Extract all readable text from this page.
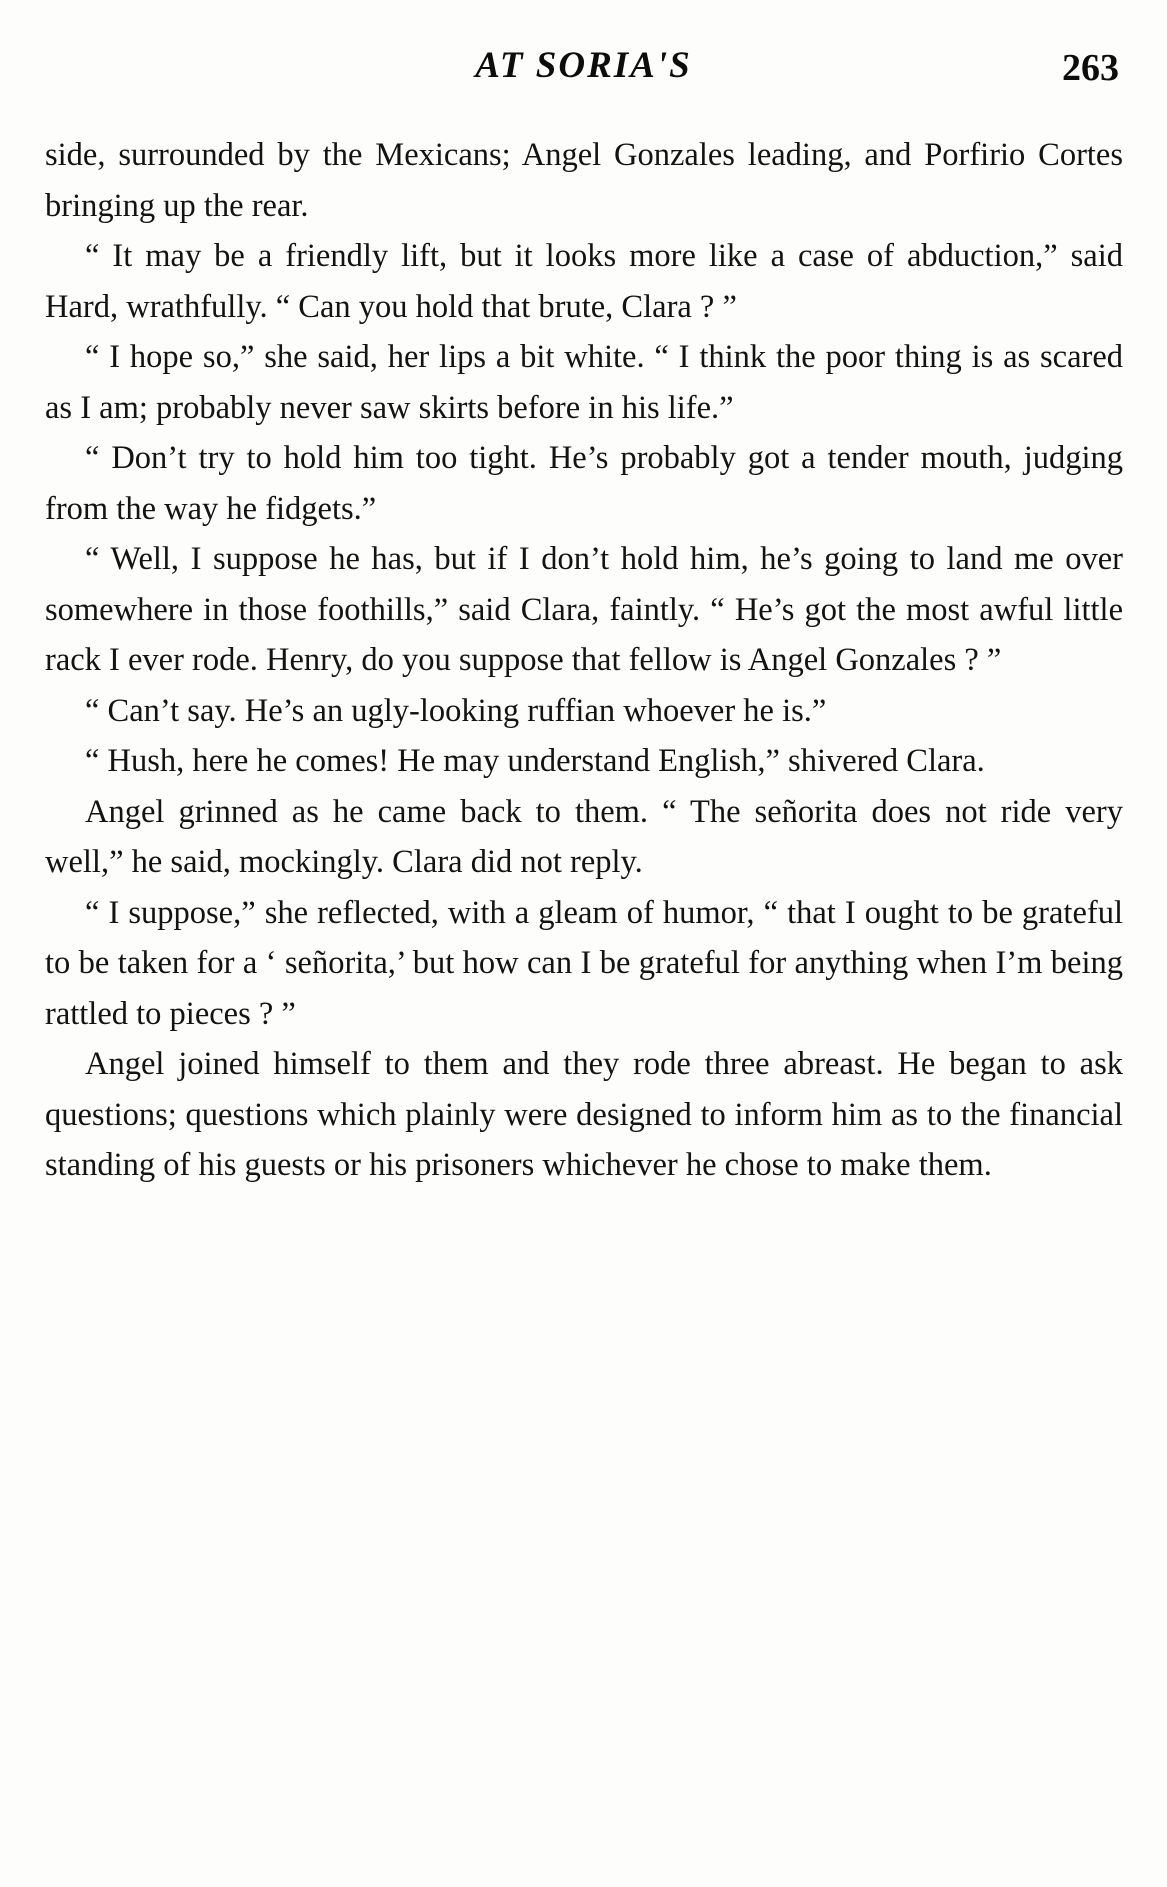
AT SORIA'S	263

side, surrounded by the Mexicans; Angel Gonzales leading, and Porfirio Cortes bringing up the rear.

“ It may be a friendly lift, but it looks more like a case of abduction,” said Hard, wrathfully. “ Can you hold that brute, Clara ? ”

“ I hope so,” she said, her lips a bit white. “ I think the poor thing is as scared as I am; probably never saw skirts before in his life.”

“ Don’t try to hold him too tight. He’s probably got a tender mouth, judging from the way he fidgets.”

“ Well, I suppose he has, but if I don’t hold him, he’s going to land me over somewhere in those foothills,” said Clara, faintly. “ He’s got the most awful little rack I ever rode. Henry, do you suppose that fellow is Angel Gonzales ? ”

“ Can’t say. He’s an ugly-looking ruffian whoever he is.”

“ Hush, here he comes! He may understand English,” shivered Clara.

Angel grinned as he came back to them. “ The señorita does not ride very well,” he said, mockingly. Clara did not reply.

“ I suppose,” she reflected, with a gleam of humor, “ that I ought to be grateful to be taken for a ‘ señorita,’ but how can I be grateful for anything when I’m being rattled to pieces ? ”

Angel joined himself to them and they rode three abreast. He began to ask questions; questions which plainly were designed to inform him as to the financial standing of his guests or his prisoners whichever he chose to make them.
